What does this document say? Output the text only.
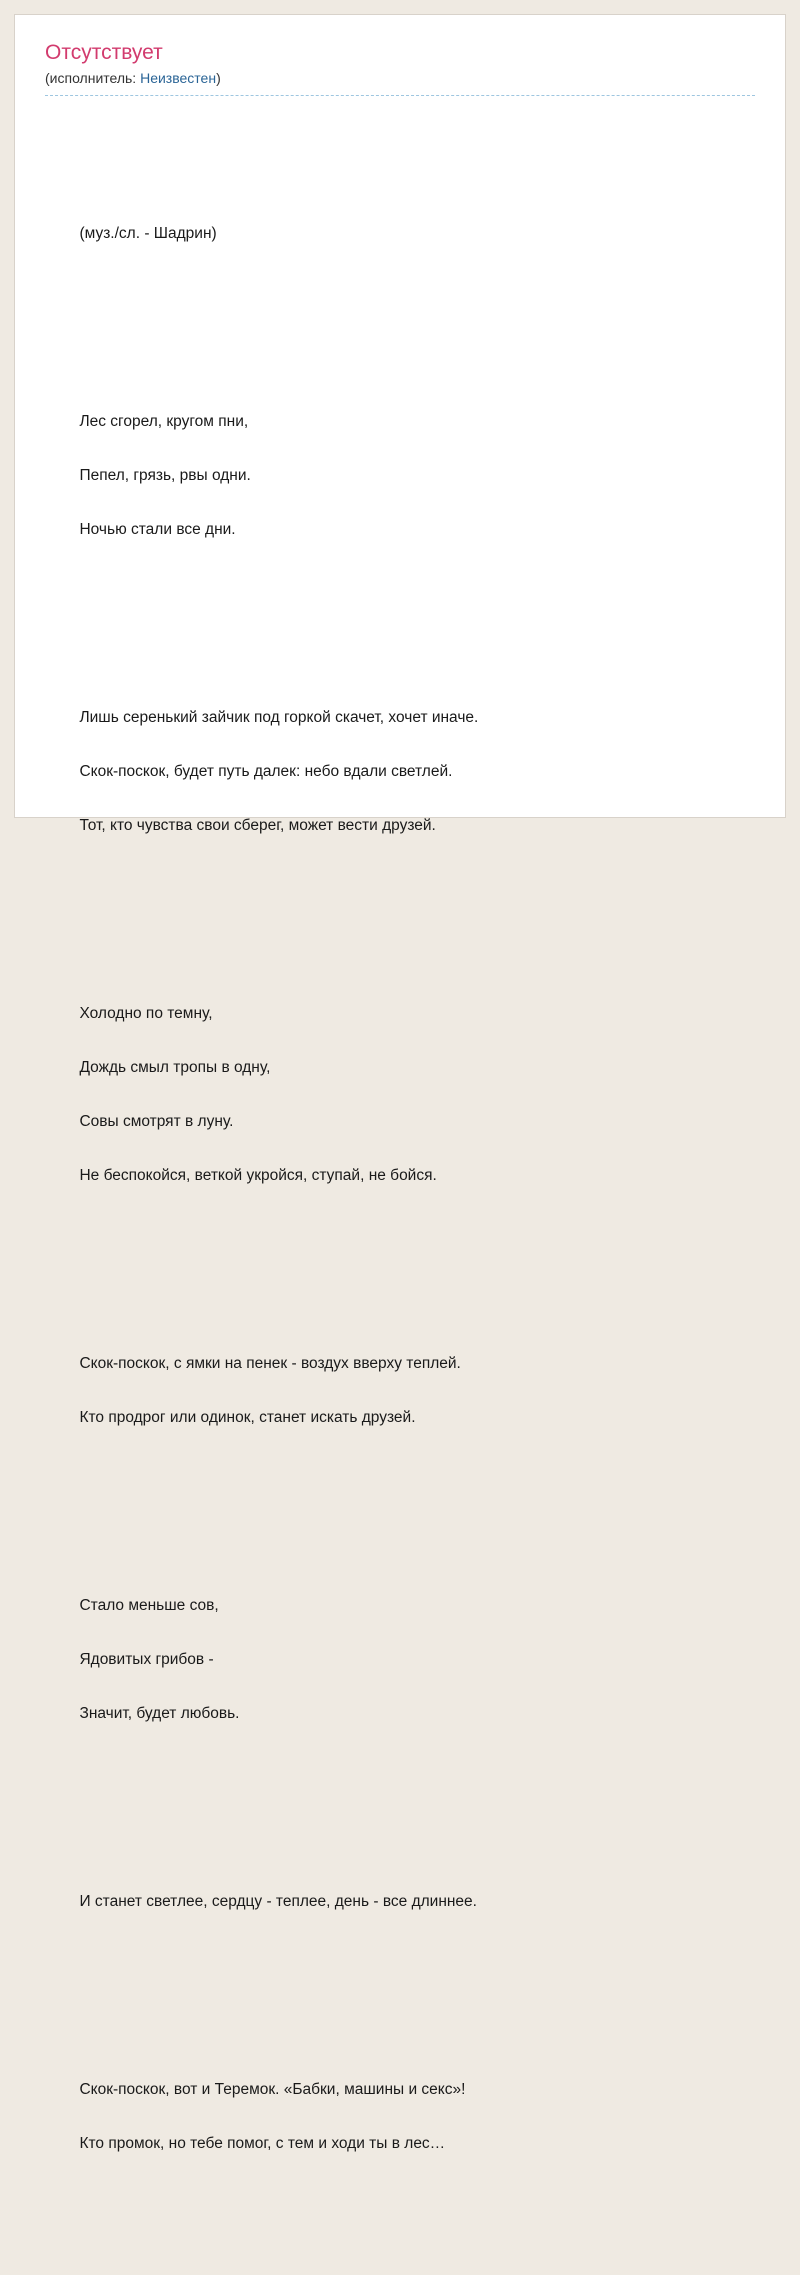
Отсутствует
(исполнитель: Неизвестен)

(муз./сл. - Шадрин)

Лес сгорел, кругом пни,

Пепел, грязь, рвы одни.

Ночью стали все дни.

Лишь серенький зайчик под горкой скачет, хочет иначе.

Скок-поскок, будет путь далек: небо вдали светлей.

Тот, кто чувства свои сберег, может вести друзей.

Холодно по темну,

Дождь смыл тропы в одну,

Совы смотрят в луну.

Не беспокойся, веткой укройся, ступай, не бойся.

Скок-поскок, с ямки на пенек - воздух вверху теплей.

Кто продрог или одинок, станет искать друзей.

Стало меньше сов,

Ядовитых грибов -

Значит, будет любовь.

И станет светлее, сердцу - теплее, день - все длиннее.

Скок-поскок, вот и Теремок. «Бабки, машины и секс»!

Кто промок, но тебе помог, с тем и ходи ты в лес…
